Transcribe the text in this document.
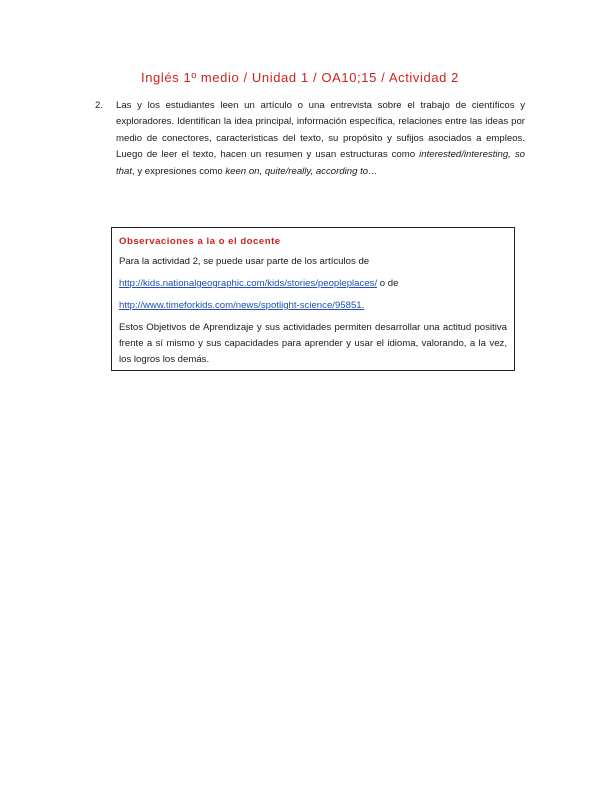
Inglés 1º medio / Unidad 1 / OA10;15 / Actividad 2
2. Las y los estudiantes leen un artículo o una entrevista sobre el trabajo de científicos y exploradores. Identifican la idea principal, información específica, relaciones entre las ideas por medio de conectores, características del texto, su propósito y sufijos asociados a empleos. Luego de leer el texto, hacen un resumen y usan estructuras como interested/interesting, so that, y expresiones como keen on, quite/really, according to…
Observaciones a la o el docente

Para la actividad 2, se puede usar parte de los artículos de

http://kids.nationalgeographic.com/kids/stories/peopleplaces/ o de

http://www.timeforkids.com/news/spotlight-science/95851.

Estos Objetivos de Aprendizaje y sus actividades permiten desarrollar una actitud positiva frente a sí mismo y sus capacidades para aprender y usar el idioma, valorando, a la vez, los logros los demás.
